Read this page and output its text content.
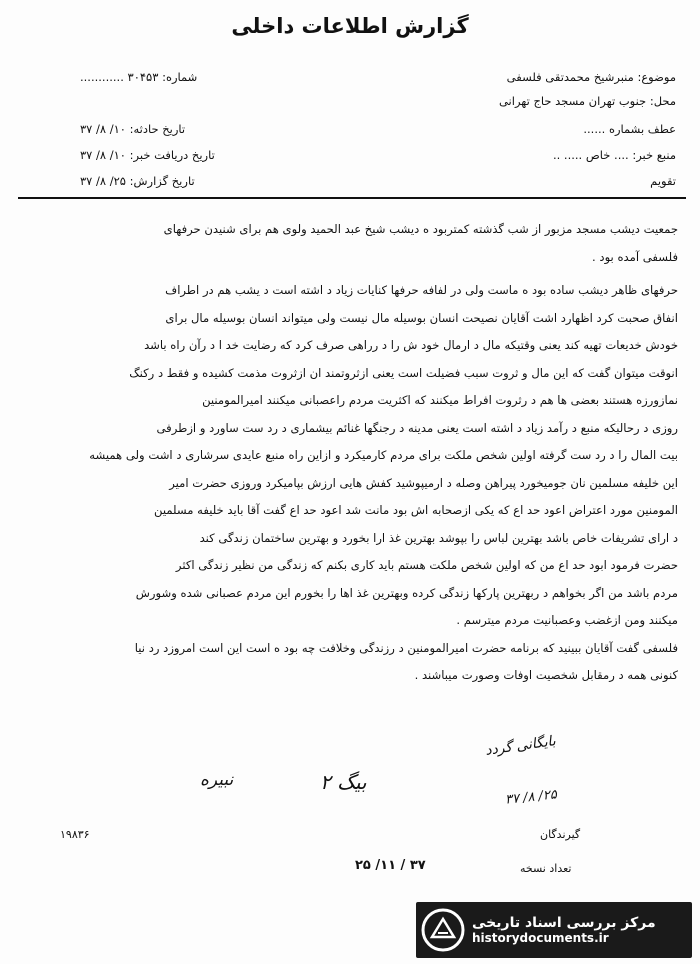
گزارش اطلاعات داخلی
موضوع: منبرشیخ محمدتقی فلسفی
محل: جنوب تهران مسجد حاج تهرانی
عطف بشماره ......
منبع خبر: .... خاص ..... ..
تقویم
شماره: ۳۰۴۵۳ ............
تاریخ حادثه: ۱۰/ ۸/ ۳۷
تاریخ دریافت خبر: ۱۰/ ۸/ ۳۷
تاریخ گزارش: ۲۵/ ۸/ ۳۷
جمعیت دیشب مسجد مزبور از شب گذشته کمتربود ه دیشب شیخ عبد الحمید ولوی هم برای شنیدن حرفهای
فلسفی آمده بود .
حرفهای ظاهر دیشب ساده بود ه ماست ولی در لفافه حرفها کنایات زیاد د اشته است د یشب هم در اطراف
انفاق صحبت کرد اظهارد اشت آقایان نصیحت انسان بوسیله مال نیست ولی میتواند انسان بوسیله مال برای
خودش خدیعات تهیه کند یعنی وقتیکه مال د ارمال خود ش را د رراهی صرف کرد که رضایت خد ا د رآن راه باشد
انوقت میتوان گفت که این مال و ثروت سبب فضیلت است یعنی ازثروتمند ان ازثروت مذمت کشیده و فقط د رکنگ
نمازورزه هستند بعضی ها هم د رثروت افراط میکنند که اکثریت مردم راعصبانی میکنند امیرالمومنین
روزی د رحالیکه منبع د رآمد زیاد د اشته است یعنی مدینه د رجنگها غنائم بیشماری د رد ست ساورد و ازطرفی
بیت المال را د رد ست گرفته اولین شخص ملکت برای مردم کارمیکرد و ازاین راه منبع عایدی سرشاری د اشت ولی همیشه
این خلیفه مسلمین نان جومیخورد پیراهن وصله د ارمیپوشید کفش هایی ارزش بپامیکرد وروزی حضرت امیر
المومنین مورد اعتراض اعود حد اع که یکی ازصحابه اش بود مانت شد اعود حد اع گفت آقا باید خلیفه مسلمین
د ارای تشریفات خاص باشد بهترین لباس را بپوشد بهترین غذ ارا بخورد و بهترین ساختمان زندگی کند
حضرت فرمود ابود حد اع من که اولین شخص ملکت هستم باید کاری بکنم که زندگی من نظیر زندگی اکثر
مردم باشد من اگر بخواهم د ربهترین پارکها زندگی کرده وبهترین غذ اها را بخورم این مردم عصبانی شده وشورش
میکنند ومن ازغضب وعصبانیت مردم میترسم .
فلسفی گفت آقایان ببینید که برنامه حضرت امیرالمومنین د رزندگی وخلافت چه بود ه است این است امروزد رد نیا
کنونی همه د رمقابل شخصیت اوفات وصورت میباشند .
بیگ ۲
نبیره
بایگانی گردد
۲۵/ ۸/ ۳۷
گیرندگان
۱۹۸۳۶
۳۷ / ۱۱/ ۲۵	تعداد نسخه
مرکز بررسی اسناد تاریخی
historydocuments.ir
